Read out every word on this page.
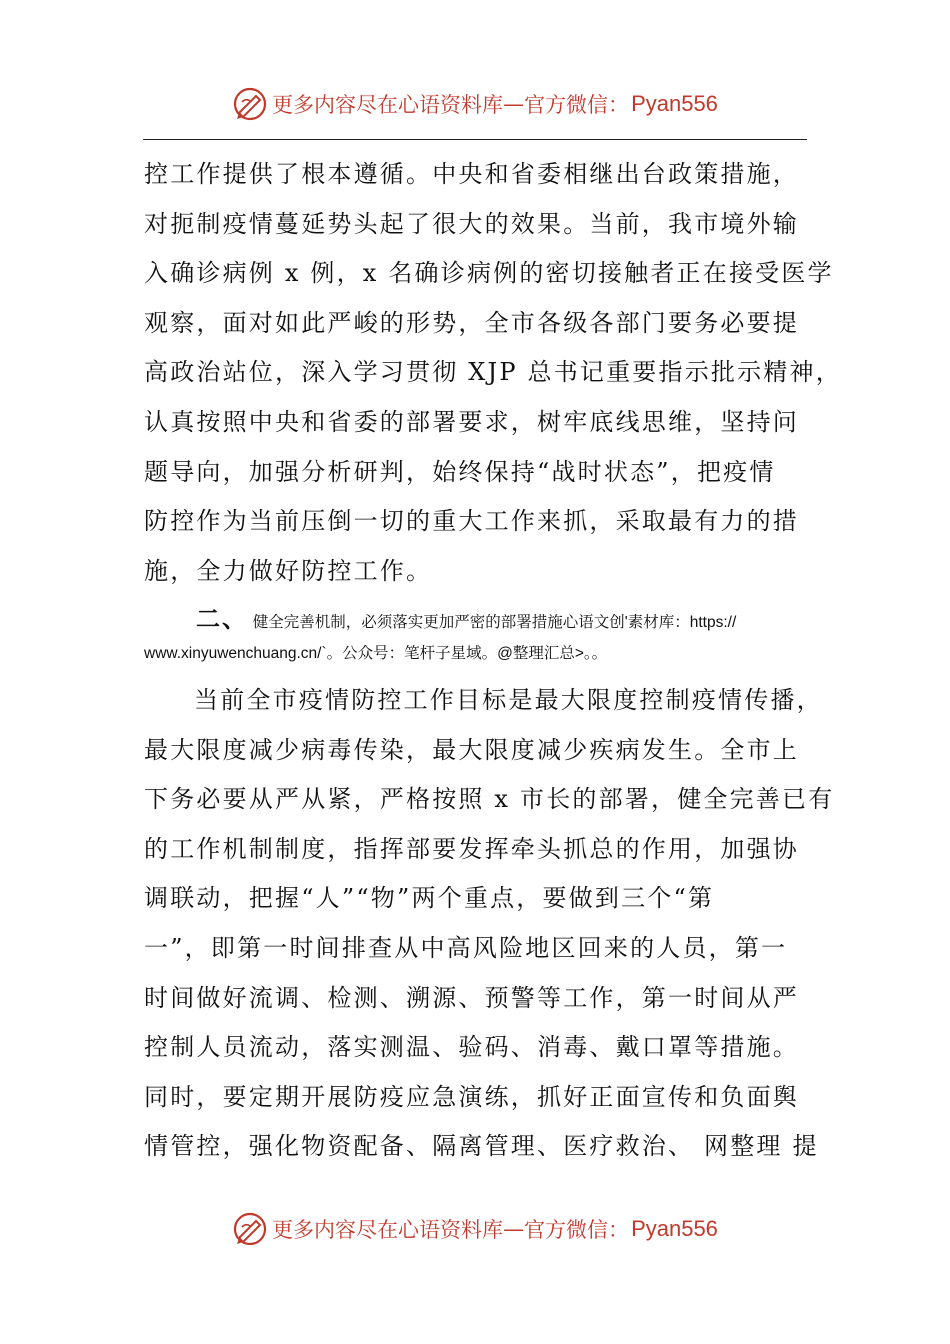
更多内容尽在心语资料库 — 官方微信： Pyan556
控工作提供了根本遵循。中央和省委相继出台政策措施，
对扼制疫情蔓延势头起了很大的效果。当前，我市境外输
入确诊病例 x 例，x 名确诊病例的密切接触者正在接受医学
观察，面对如此严峻的形势，全市各级各部门要务必要提
高政治站位，深入学习贯彻 XJP 总书记重要指示批示精神，
认真按照中央和省委的部署要求，树牢底线思维，坚持问
题导向，加强分析研判，始终保持“战时状态”，把疫情
防控作为当前压倒一切的重大工作来抓，采取最有力的措
施，全力做好防控工作。
二、 健全完善机制，必须落实更加严密的部署措施心语文创'素材库：https://
www.xinyuwenchuang.cn/`。公众号：笔杆子星域。@整理汇总>。。
当前全市疫情防控工作目标是最大限度控制疫情传播，
最大限度减少病毒传染，最大限度减少疾病发生。全市上
下务必要从严从紧，严格按照 x 市长的部署，健全完善已有
的工作机制制度，指挥部要发挥牵头抓总的作用，加强协
调联动，把握“人”“物”两个重点，要做到三个“第
一”，即第一时间排查从中高风险地区回来的人员，第一
时间做好流调、检测、溯源、预警等工作，第一时间从严
控制人员流动，落实测温、验码、消毒、戴口罩等措施。
同时，要定期开展防疫应急演练，抓好正面宣传和负面舆
情管控，强化物资配备、隔离管理、医疗救治、 网整理 提
更多内容尽在心语资料库 — 官方微信： Pyan556
